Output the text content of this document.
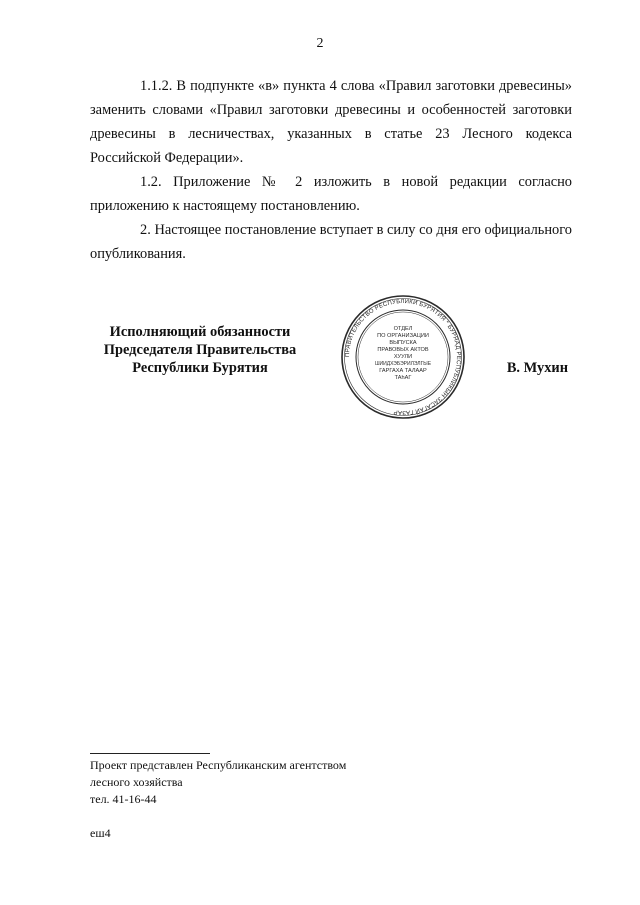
2

1.1.2. В подпункте «в» пункта 4 слова «Правил заготовки древесины» заменить словами «Правил заготовки древесины и особенностей заготовки древесины в лесничествах, указанных в статье 23 Лесного кодекса Российской Федерации».

1.2. Приложение № 2 изложить в новой редакции согласно приложению к настоящему постановлению.

2. Настоящее постановление вступает в силу со дня его официального опубликования.

Исполняющий обязанности
Председателя Правительства
Республики Бурятия
ПРАВИТЕЛЬСТВО РЕСПУБЛИКИ БУРЯТИЯ * БУРЯАД РЕСПУБЛИКЫН ЗАСАГАЙ ГАЗАР
ОТДЕЛ
ПО ОРГАНИЗАЦИИ
ВЫПУСКА
ПРАВОВЫХ АКТОВ
ХУУЛИ
ШИИДХЭБЭРИЛЭЛГЫЕ
ГАРГАХА ТАЛААР
ТАһАГ
В. Мухин
Проект представлен Республиканским агентством
лесного хозяйства
тел. 41-16-44
еш4
